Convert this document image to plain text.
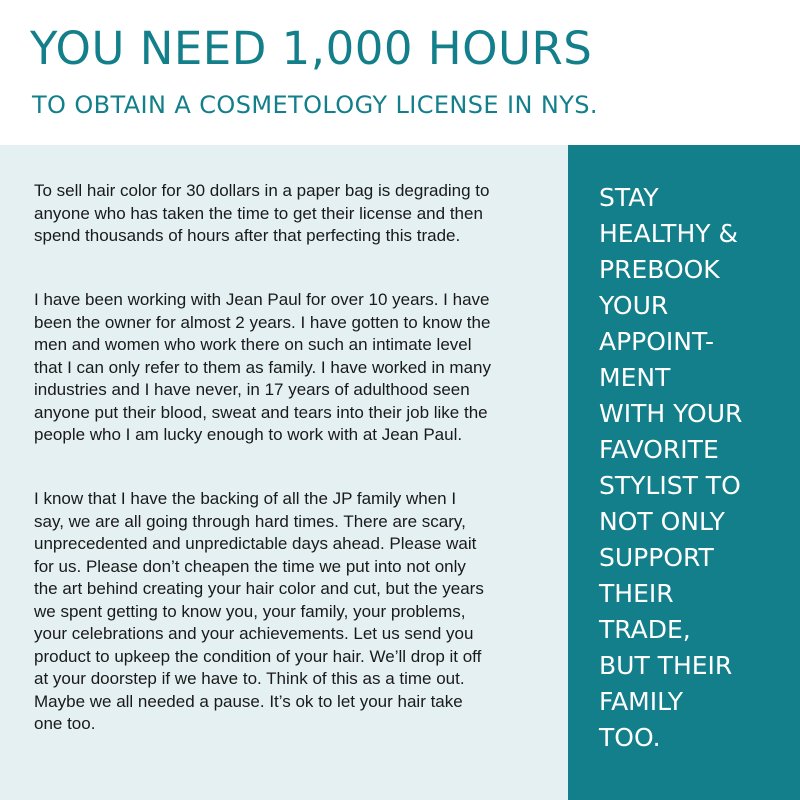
YOU NEED 1,000 HOURS
TO OBTAIN A COSMETOLOGY LICENSE IN NYS.

To sell hair color for 30 dollars in a paper bag is degrading to
anyone who has taken the time to get their license and then
spend thousands of hours after that perfecting this trade.

I have been working with Jean Paul for over 10 years. I have
been the owner for almost 2 years. I have gotten to know the
men and women who work there on such an intimate level
that I can only refer to them as family. I have worked in many
industries and I have never, in 17 years of adulthood seen
anyone put their blood, sweat and tears into their job like the
people who I am lucky enough to work with at Jean Paul.

I know that I have the backing of all the JP family when I
say, we are all going through hard times. There are scary,
unprecedented and unpredictable days ahead. Please wait
for us. Please don’t cheapen the time we put into not only
the art behind creating your hair color and cut, but the years
we spent getting to know you, your family, your problems,
your celebrations and your achievements. Let us send you
product to upkeep the condition of your hair. We’ll drop it off
at your doorstep if we have to. Think of this as a time out.
Maybe we all needed a pause. It’s ok to let your hair take
one too.

STAY
HEALTHY &
PREBOOK
YOUR
APPOINT-
MENT
WITH YOUR
FAVORITE
STYLIST TO
NOT ONLY
SUPPORT
THEIR
TRADE,
BUT THEIR
FAMILY
TOO.
